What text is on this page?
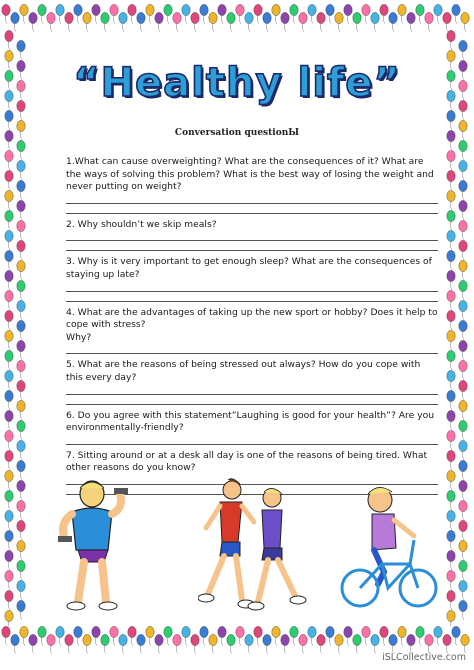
“Healthy life”
Conversation questionЫ
1.What can cause overweighting? What are the consequences of it? What are the ways of solving this problem? What is the best way of losing the weight and never putting on weight?
2. Why shouldn’t we skip meals?
3. Why is it very important to get enough sleep? What are the consequences of staying up late?
4. What are the advantages of taking up the new sport or hobby? Does it help to cope with stress?
Why?
5. What are the reasons of being stressed out always? How do you cope with this every day?
6. Do you agree with this statement”Laughing is good for your health”? Are you environmentally-friendly?
7. Sitting around or at a desk all day is one of the reasons of being tired. What other reasons do you know?
iSLCollective.com
